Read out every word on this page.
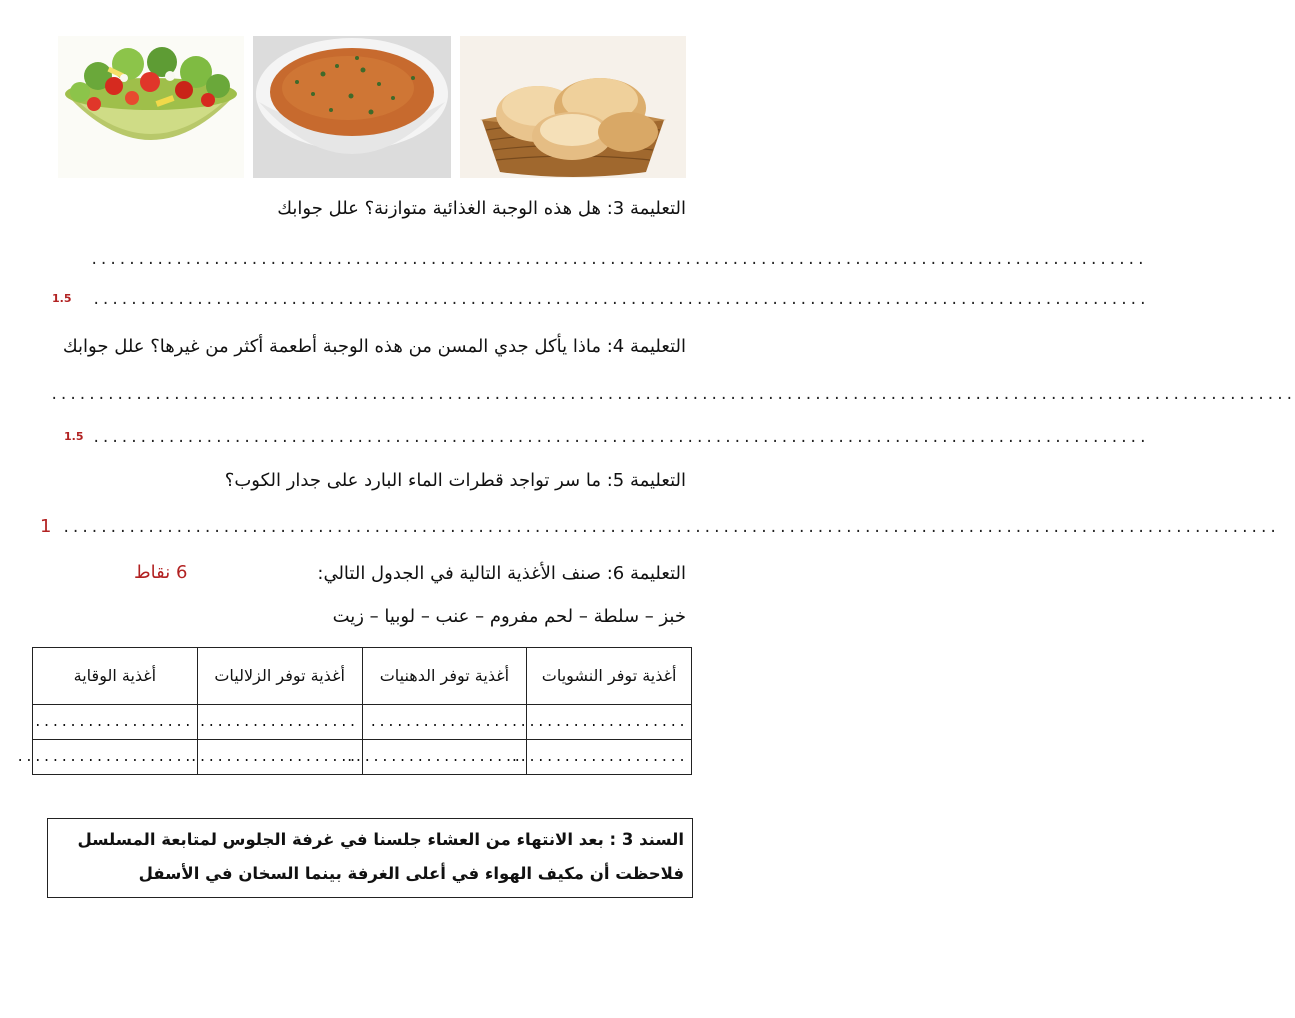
التعليمة 3: هل هذه الوجبة الغذائية متوازنة؟ علل جوابك
................................................................................................................
1.5 ................................................................................................................
التعليمة 4: ماذا يأكل جدي المسن من هذه الوجبة أطعمة أكثر من غيرها؟ علل جوابك
....................................................................................................................................
1.5 ................................................................................................................
التعليمة 5: ما سر تواجد قطرات الماء البارد على جدار الكوب؟
1 .................................................................................................................................
التعليمة 6: صنف الأغذية التالية في الجدول التالي:
6 نقاط
خبز – سلطة – لحم مفروم – عنب – لوبيا – زيت
أغذية توفر النشويات	أغذية توفر الدهنيات	أغذية توفر الزلاليات	أغذية الوقاية
...................	.................	..................	..................
....................	....................	...................	....................
السند 3 : بعد الانتهاء من العشاء جلسنا في غرفة الجلوس لمتابعة المسلسل
فلاحظت أن مكيف الهواء في أعلى الغرفة بينما السخان في الأسفل
